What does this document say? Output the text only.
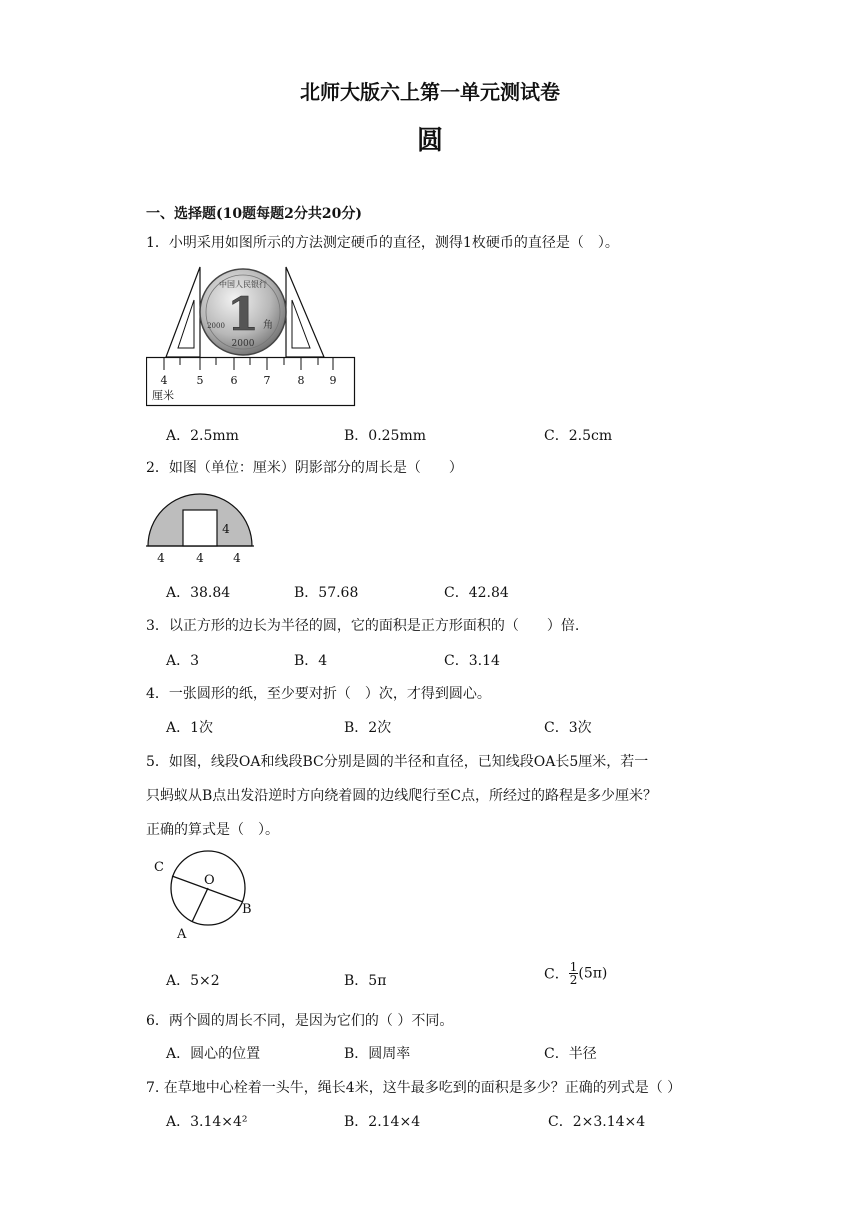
北师大版六上第一单元测试卷
圆
一、选择题(10题每题2分共20分)
1．小明采用如图所示的方法测定硬币的直径，测得1枚硬币的直径是（　）。
4	5 6 7 8 9
厘米
中国人民银行
1
2000	角
2000
A．2.5mm	B．0.25mm	C．2.5cm
2．如图（单位：厘米）阴影部分的周长是（　　）
4	4 4
4
A．38.84	B．57.68	C．42.84
3．以正方形的边长为半径的圆，它的面积是正方形面积的（　　）倍.
A．3	B．4	C．3.14
4．一张圆形的纸，至少要对折（　）次，才得到圆心。
A．1次	B．2次	C．3次
5．如图，线段OA和线段BC分别是圆的半径和直径，已知线段OA长5厘米，若一
只蚂蚁从B点出发沿逆时方向绕着圆的边线爬行至C点，所经过的路程是多少厘米？
正确的算式是（　）。
C
O
B
A
A．5×2	B．5π	C． $\frac{1}{2} (5\pi)$
6．两个圆的周长不同，是因为它们的（ ）不同。
A．圆心的位置	B．圆周率	C．半径
7. 在草地中心栓着一头牛，绳长4米，这牛最多吃到的面积是多少？正确的列式是（ ）
A．3.14×4²	B．2.14×4	C．2×3.14×4
